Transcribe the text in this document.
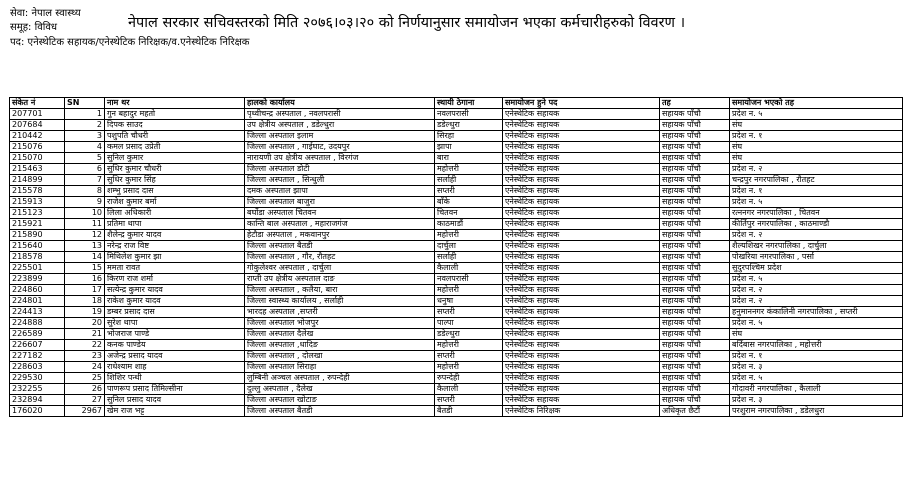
सेवा: नेपाल स्वास्थ्य
समूह: विविध
पद: एनेस्थेटिक सहायक/एनेस्थेटिक निरिक्षक/व.एनेस्थेटिक निरिक्षक
नेपाल सरकार सचिवस्तरको मिति २०७६।०३।२० को निर्णयानुसार समायोजन भएका कर्मचारीहरुको विवरण ।
संकेत नं	SN	नाम थर	हालको कार्यालय	स्थायी ठेगाना	समायोजन हुने पद	तह	समायोजन भएको तह
207701	1	गुन बहादुर महतो	पृथ्वीचन्द्र अस्पताल , नवलपरासी	नवलपरासी	एनेस्थेटिक सहायक	सहायक पाँचौ	प्रदेश न. ५
207684	2	दिपक साउद	उप क्षेत्रीय अस्पताल , डडेल्धुरा	डडेल्धुरा	एनेस्थेटिक सहायक	सहायक पाँचौ	संघ
210442	3	पशुपति चौधरी	जिल्ला अस्पताल इलाम	सिरहा	एनेस्थेटिक सहायक	सहायक पाँचौ	प्रदेश न. १
215076	4	कमल प्रसाद उप्रेती	जिल्ला अस्पताल , गाईघाट, उदयपुर	झापा	एनेस्थेटिक सहायक	सहायक पाँचौ	संघ
215070	5	सुनिल कुमार	नारायणी उप क्षेत्रीय अस्पताल , विरगंज	बारा	एनेस्थेटिक सहायक	सहायक पाँचौ	संघ
215463	6	सुधिर कुमार चौधरी	जिल्ला अस्पताल डोटी	महोत्तरी	एनेस्थेटिक सहायक	सहायक पाँचौ	प्रदेश न. २
214899	7	सुधिर कुमार सिंह	जिल्ला अस्पताल , सिन्धुली	सर्लाही	एनेस्थेटिक सहायक	सहायक पाँचौ	चन्द्रपुर नगरपालिका , रौतहट
215578	8	शम्भु प्रसाद दास	दमक अस्पताल झापा	सप्तरी	एनेस्थेटिक सहायक	सहायक पाँचौ	प्रदेश न. १
215913	9	राजेश कुमार बर्मा	जिल्ला अस्पताल बाजुरा	बाँके	एनेस्थेटिक सहायक	सहायक पाँचौ	प्रदेश न. ५
215123	10	लिला अधिकारी	बर्घोडा अस्पताल चितवन	चितवन	एनेस्थेटिक सहायक	सहायक पाँचौ	रत्ननगर नगरपालिका , चितवन
215921	11	प्रतिमा थापा	कान्ति बाल अस्पताल , महाराजगंज	काठमाडौं	एनेस्थेटिक सहायक	सहायक पाँचौ	कीर्तिपुर नगरपालिका , काठमाण्डौ
215890	12	शैलेन्द्र कुमार यादव	हेटौडा अस्पताल , मकवानपुर	महोत्तरी	एनेस्थेटिक सहायक	सहायक पाँचौ	प्रदेश न. २
215640	13	नरेन्द्र राज विष्ट	जिल्ला अस्पताल बैतडी	दार्चुला	एनेस्थेटिक सहायक	सहायक पाँचौ	शैल्यशिखर नगरपालिका , दार्चुला
218578	14	मिथिलेश कुमार झा	जिल्ला अस्पताल , गौर, रौतहट	सर्लाही	एनेस्थेटिक सहायक	सहायक पाँचौ	पोखरिया नगरपालिका , पर्सा
225501	15	ममता रावत	गोकुलेश्वर अस्पताल , दार्चुला	कैलाली	एनेस्थेटिक सहायक	सहायक पाँचौ	सुदुरपश्चिम प्रदेश
223899	16	किरण राज शर्मा	राप्ती उप क्षेत्रीय अस्पताल दाङ	नवलपरासी	एनेस्थेटिक सहायक	सहायक पाँचौ	प्रदेश न. ५
224860	17	सत्येन्द्र कुमार यादव	जिल्ला अस्पताल , कलैया, बारा	महोत्तरी	एनेस्थेटिक सहायक	सहायक पाँचौ	प्रदेश न. २
224801	18	राकेश कुमार यादव	जिल्ला स्वास्थ्य कार्यालय , सर्लाही	धनुषा	एनेस्थेटिक सहायक	सहायक पाँचौ	प्रदेश न. २
224413	19	डम्बर प्रसाद दास	भारदह अस्पताल ,सप्तरी	सप्तरी	एनेस्थेटिक सहायक	सहायक पाँचौ	हनुमाननगर कंकालिनी नगरपालिका , सप्तरी
224888	20	सुरेश थापा	जिल्ला अस्पताल भोजपुर	पाल्पा	एनेस्थेटिक सहायक	सहायक पाँचौ	प्रदेश न. ५
226589	21	भोजराज पाण्डे	जिल्ला अस्पताल दैलेख	डडेल्धुरा	एनेस्थेटिक सहायक	सहायक पाँचौ	संघ
226607	22	कनक पाण्डेय	जिल्ला अस्पताल ,धादिङ	महोत्तरी	एनेस्थेटिक सहायक	सहायक पाँचौ	बर्दिबास नगरपालिका , महोत्तरी
227182	23	अजेन्द्र प्रसाद यादव	जिल्ला अस्पताल , दोलखा	सप्तरी	एनेस्थेटिक सहायक	सहायक पाँचौ	प्रदेश न. १
228603	24	राधेश्याम शाह	जिल्ला अस्पताल सिराहा	महोत्तरी	एनेस्थेटिक सहायक	सहायक पाँचौ	प्रदेश न. ३
229530	25	शिशिर पन्थी	लुम्बिनी अञ्चल अस्पताल , रुपन्देही	रुपन्देही	एनेस्थेटिक सहायक	सहायक पाँचौ	प्रदेश न. ५
232255	26	पाणरूप प्रसाद तिमिल्सीना	दुल्लु अस्पताल , दैलेख	कैलाली	एनेस्थेटिक सहायक	सहायक पाँचौ	गोदावरी नगरपालिका , कैलाली
232894	27	सुनिल प्रसाद यादव	जिल्ला अस्पताल खोटाङ	सप्तरी	एनेस्थेटिक सहायक	सहायक पाँचौ	प्रदेश न. ३
176020	2967	खेम राज भट्ट	जिल्ला अस्पताल बैतडी	बैतडी	एनेस्थेटिक निरिक्षक	अधिकृत छैटौं	परशुराम नगरपालिका , डडेलधुरा
